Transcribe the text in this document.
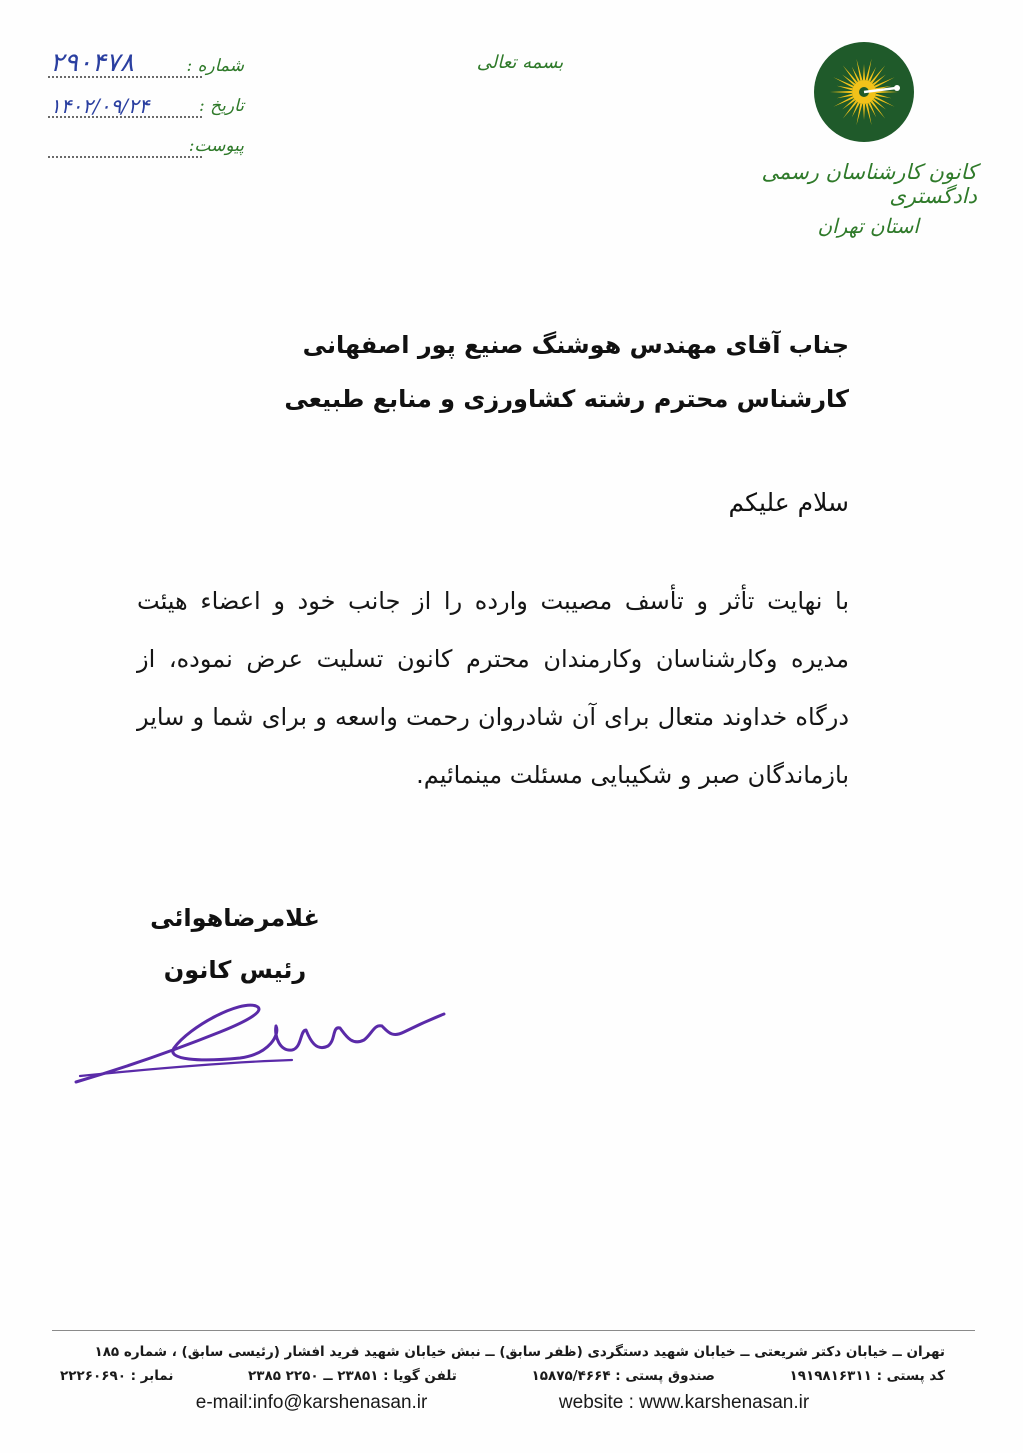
شماره :
۲۹۰۴۷۸
تاریخ :
۱۴۰۲/۰۹/۲۴
پیوست:
بسمه تعالی
کانون کارشناسان رسمی دادگستری
استان تهران
جناب آقای مهندس هوشنگ صنیع پور اصفهانی
کارشناس محترم رشته کشاورزی و منابع طبیعی
سلام علیکم
با نهایت تأثر و تأسف مصیبت وارده را از جانب خود و اعضاء هیئت مدیره وکارشناسان وکارمندان محترم کانون تسلیت عرض نموده، از درگاه خداوند متعال برای آن شادروان رحمت واسعه و برای شما و سایر بازماندگان صبر و شکیبایی مسئلت مینمائیم.
غلامرضاهوائی
رئیس کانون
تهران ــ خیابان دکتر شریعتی ــ خیابان شهید دستگردی (ظفر سابق) ــ نبش خیابان شهید فرید افشار (رئیسی سابق) ، شماره ۱۸۵
کد پستی : ۱۹۱۹۸۱۶۳۱۱
صندوق پستی : ۱۵۸۷۵/۴۶۶۴
تلفن گویا : ۲۳۸۵۱ ــ ۲۲۵۰ ۲۳۸۵
نمابر : ۲۲۲۶۰۶۹۰
e-mail:info@karshenasan.ir	website : www.karshenasan.ir
